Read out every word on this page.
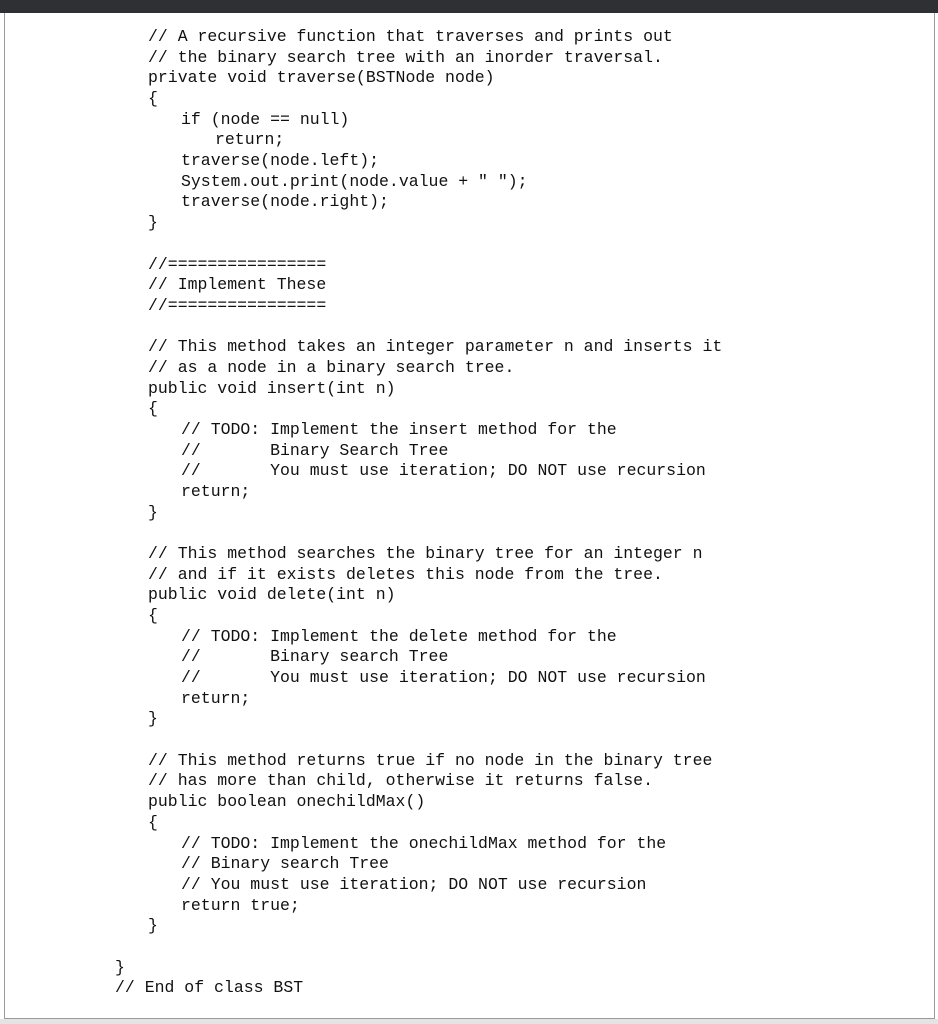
// A recursive function that traverses and prints out
// the binary search tree with an inorder traversal.
private void traverse(BSTNode node)
{
if (node == null)
return;
traverse(node.left);
System.out.print(node.value + " ");
traverse(node.right);
}
//================
// Implement These
//================
// This method takes an integer parameter n and inserts it
// as a node in a binary search tree.
public void insert(int n)
{
// TODO: Implement the insert method for the
//       Binary Search Tree
//       You must use iteration; DO NOT use recursion
return;
}
// This method searches the binary tree for an integer n
// and if it exists deletes this node from the tree.
public void delete(int n)
{
// TODO: Implement the delete method for the
//       Binary search Tree
//       You must use iteration; DO NOT use recursion
return;
}
// This method returns true if no node in the binary tree
// has more than child, otherwise it returns false.
public boolean onechildMax()
{
// TODO: Implement the onechildMax method for the
// Binary search Tree
// You must use iteration; DO NOT use recursion
return true;
}
}
// End of class BST
